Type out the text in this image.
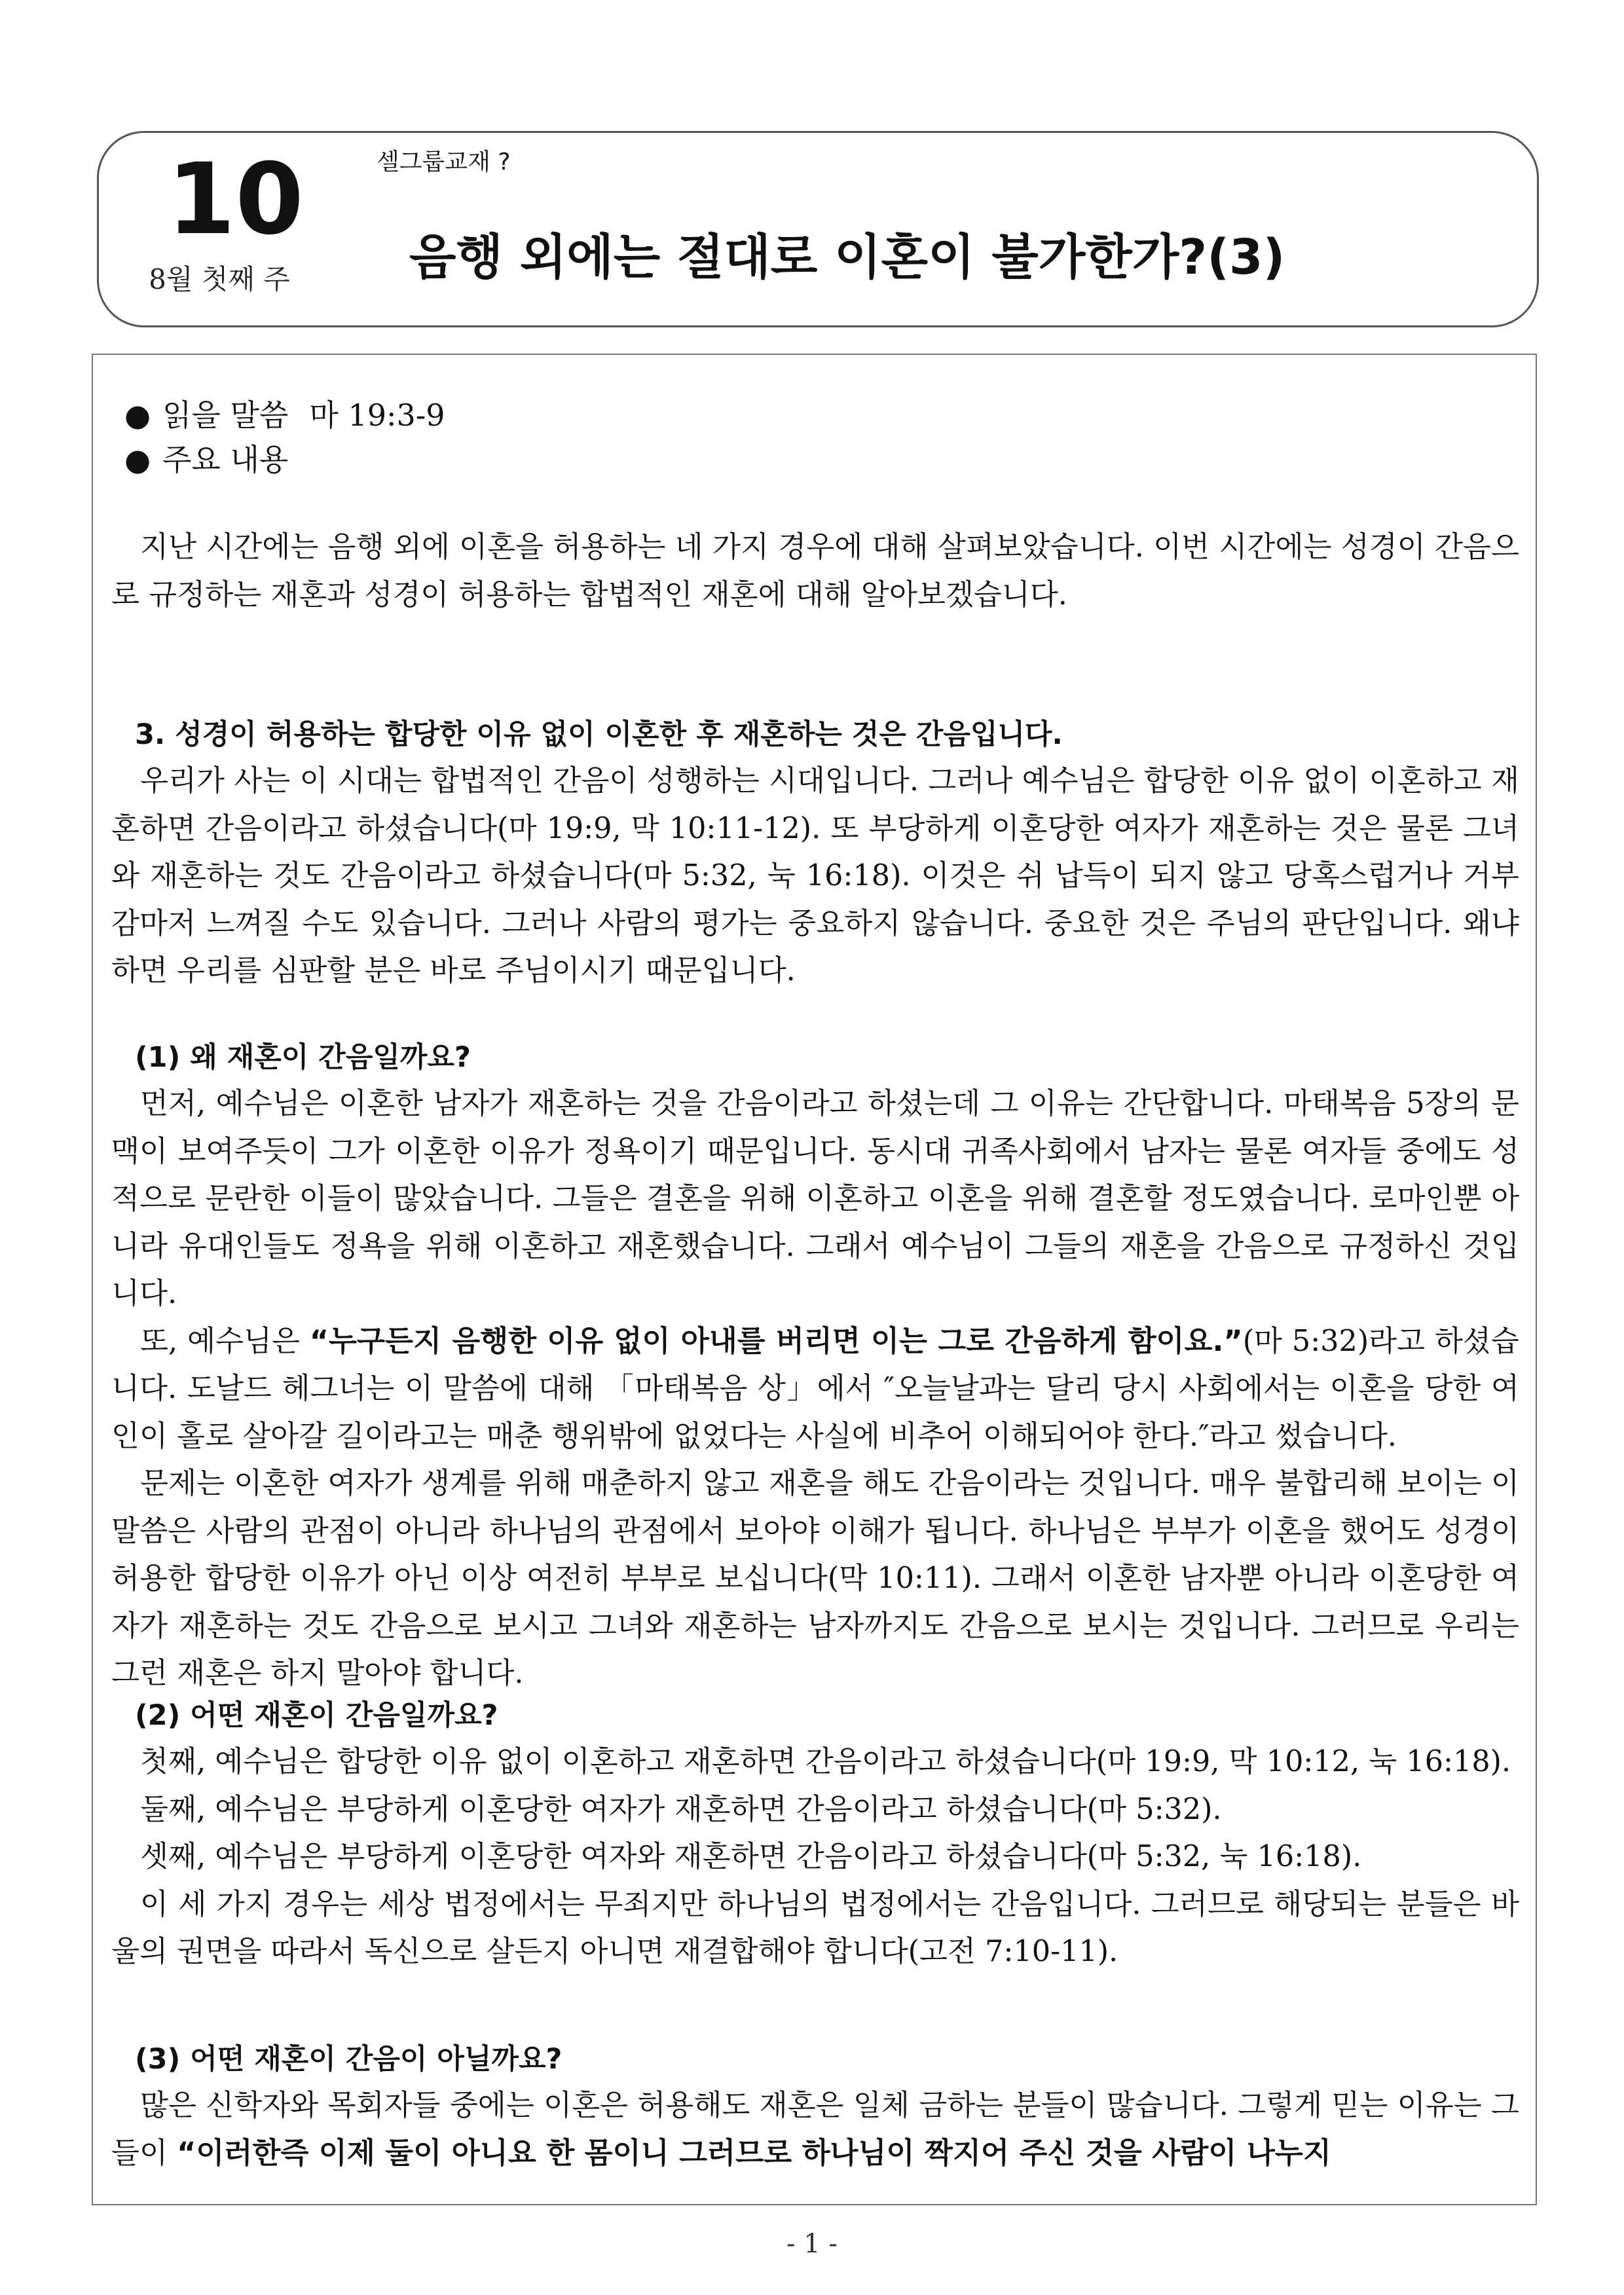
10
8월 첫째 주
셀그룹교재 ?
음행 외에는 절대로 이혼이 불가한가?(3)
● 읽을 말씀 마 19:3-9
● 주요 내용

지난 시간에는 음행 외에 이혼을 허용하는 네 가지 경우에 대해 살펴보았습니다. 이번 시간에는 성경이 간음으로 규정하는 재혼과 성경이 허용하는 합법적인 재혼에 대해 알아보겠습니다.

3. 성경이 허용하는 합당한 이유 없이 이혼한 후 재혼하는 것은 간음입니다.

우리가 사는 이 시대는 합법적인 간음이 성행하는 시대입니다. 그러나 예수님은 합당한 이유 없이 이혼하고 재혼하면 간음이라고 하셨습니다(마 19:9, 막 10:11-12). 또 부당하게 이혼당한 여자가 재혼하는 것은 물론 그녀와 재혼하는 것도 간음이라고 하셨습니다(마 5:32, 눅 16:18). 이것은 쉬 납득이 되지 않고 당혹스럽거나 거부감마저 느껴질 수도 있습니다. 그러나 사람의 평가는 중요하지 않습니다. 중요한 것은 주님의 판단입니다. 왜냐하면 우리를 심판할 분은 바로 주님이시기 때문입니다.

(1) 왜 재혼이 간음일까요?

먼저, 예수님은 이혼한 남자가 재혼하는 것을 간음이라고 하셨는데 그 이유는 간단합니다. 마태복음 5장의 문맥이 보여주듯이 그가 이혼한 이유가 정욕이기 때문입니다. 동시대 귀족사회에서 남자는 물론 여자들 중에도 성적으로 문란한 이들이 많았습니다. 그들은 결혼을 위해 이혼하고 이혼을 위해 결혼할 정도였습니다. 로마인뿐 아니라 유대인들도 정욕을 위해 이혼하고 재혼했습니다. 그래서 예수님이 그들의 재혼을 간음으로 규정하신 것입니다.

또, 예수님은 “누구든지 음행한 이유 없이 아내를 버리면 이는 그로 간음하게 함이요.”(마 5:32)라고 하셨습니다. 도날드 헤그너는 이 말씀에 대해 「마태복음 상」에서 ″오늘날과는 달리 당시 사회에서는 이혼을 당한 여인이 홀로 살아갈 길이라고는 매춘 행위밖에 없었다는 사실에 비추어 이해되어야 한다.″라고 썼습니다.

문제는 이혼한 여자가 생계를 위해 매춘하지 않고 재혼을 해도 간음이라는 것입니다. 매우 불합리해 보이는 이 말씀은 사람의 관점이 아니라 하나님의 관점에서 보아야 이해가 됩니다. 하나님은 부부가 이혼을 했어도 성경이 허용한 합당한 이유가 아닌 이상 여전히 부부로 보십니다(막 10:11). 그래서 이혼한 남자뿐 아니라 이혼당한 여자가 재혼하는 것도 간음으로 보시고 그녀와 재혼하는 남자까지도 간음으로 보시는 것입니다. 그러므로 우리는 그런 재혼은 하지 말아야 합니다.

(2) 어떤 재혼이 간음일까요?

첫째, 예수님은 합당한 이유 없이 이혼하고 재혼하면 간음이라고 하셨습니다(마 19:9, 막 10:12, 눅 16:18).

둘째, 예수님은 부당하게 이혼당한 여자가 재혼하면 간음이라고 하셨습니다(마 5:32).

셋째, 예수님은 부당하게 이혼당한 여자와 재혼하면 간음이라고 하셨습니다(마 5:32, 눅 16:18).

이 세 가지 경우는 세상 법정에서는 무죄지만 하나님의 법정에서는 간음입니다. 그러므로 해당되는 분들은 바울의 권면을 따라서 독신으로 살든지 아니면 재결합해야 합니다(고전 7:10-11).

(3) 어떤 재혼이 간음이 아닐까요?

많은 신학자와 목회자들 중에는 이혼은 허용해도 재혼은 일체 금하는 분들이 많습니다. 그렇게 믿는 이유는 그들이 “이러한즉 이제 둘이 아니요 한 몸이니 그러므로 하나님이 짝지어 주신 것을 사람이 나누지

- 1 -
